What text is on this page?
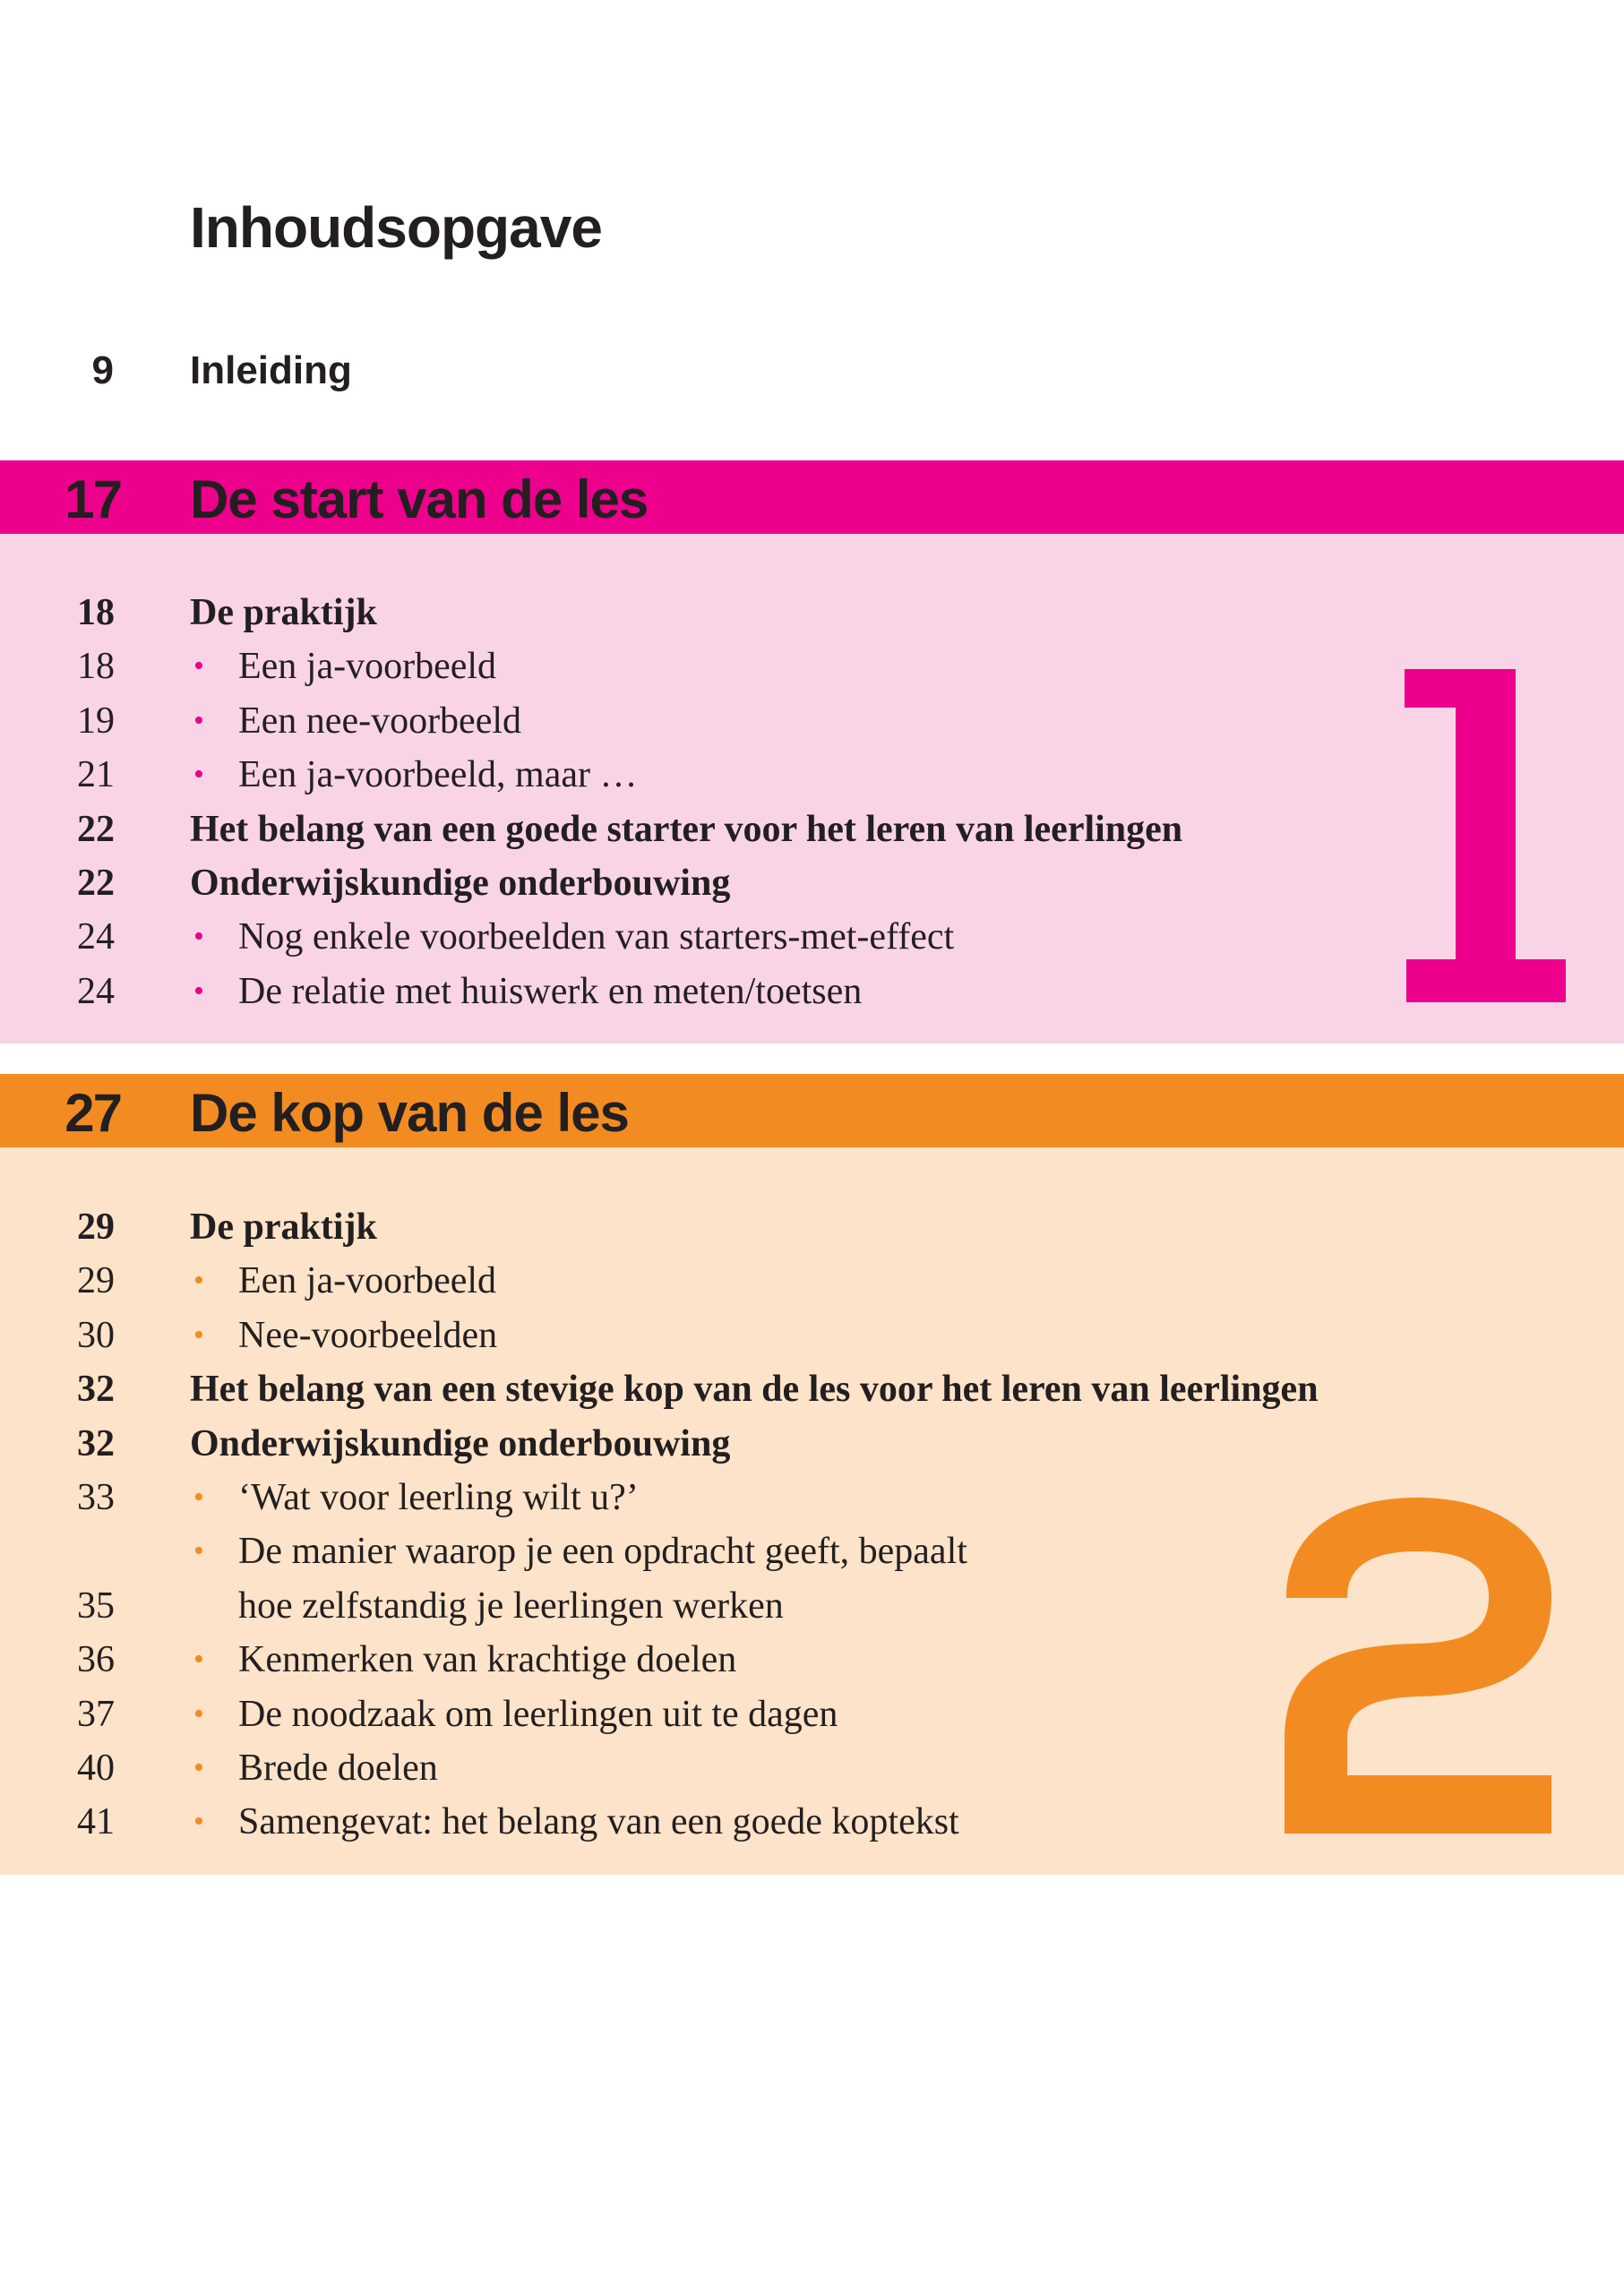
Inhoudsopgave
9 Inleiding
17 De start van de les
18 De praktijk
18	• Een ja-voorbeeld
19	• Een nee-voorbeeld
21	• Een ja-voorbeeld, maar …
22 Het belang van een goede starter voor het leren van leerlingen
22 Onderwijskundige onderbouwing
24	• Nog enkele voorbeelden van starters-met-effect
24	• De relatie met huiswerk en meten/toetsen
27 De kop van de les
29 De praktijk
29	• Een ja-voorbeeld
30	• Nee-voorbeelden
32 Het belang van een stevige kop van de les voor het leren van leerlingen
32 Onderwijskundige onderbouwing
33	• ‘Wat voor leerling wilt u?’
• De manier waarop je een opdracht geeft, bepaalt
35	hoe zelfstandig je leerlingen werken
36	• Kenmerken van krachtige doelen
37	• De noodzaak om leerlingen uit te dagen
40	• Brede doelen
41	• Samengevat: het belang van een goede koptekst
